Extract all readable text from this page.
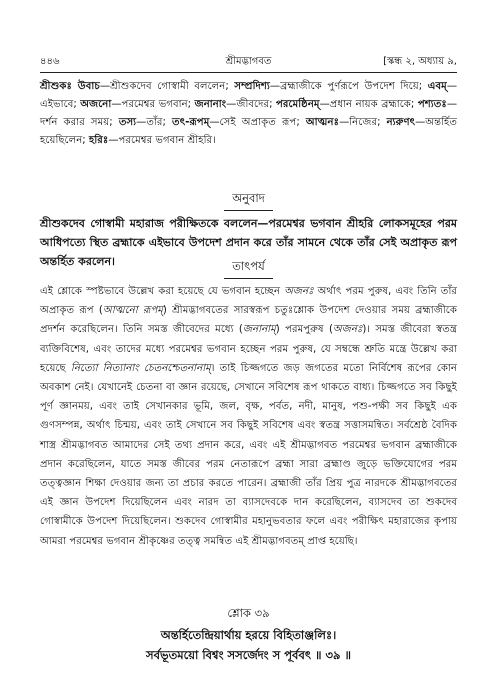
৪৪৬	শ্রীমদ্ভাগবত	[স্কন্ধ ২, অধ্যায় ৯,
শ্রীশুকঃ উবাচ—শ্রীশুকদেব গোস্বামী বললেন; সম্প্রদিশ্য—ব্রহ্মাজীকে পুর্ণরূপে উপদেশ দিয়ে; এবম্—এইভাবে; অজনো—পরমেশ্বর ভগবান; জনানাং—জীবদের; পরমেষ্ঠিনম্—প্রধান নায়ক ব্রহ্মাকে; পশ্যতঃ—দর্শন করার সময়; তস্য—তাঁর; তৎ-রূপম্—সেই অপ্রাকৃত রূপ; আত্মনঃ—নিজের; ন্যরুণৎ—অন্তর্হিত হয়েছিলেন; হরিঃ—পরমেশ্বর ভগবান শ্রীহরি।
অনুবাদ
শ্রীশুকদেব গোস্বামী মহারাজ পরীক্ষিতকে বললেন—পরমেশ্বর ভগবান শ্রীহরি লোকসমূহের পরম আধিপত্যে স্থিত ব্রহ্মাকে এইভাবে উপদেশ প্রদান করে তাঁর সামনে থেকে তাঁর সেই অপ্রাকৃত রূপ অন্তর্হিত করলেন।	তাৎপর্য
এই শ্লোকে স্পষ্টভাবে উল্লেখ করা হয়েছে যে ভগবান হচ্ছেন অজনঃ অর্থাৎ পরম পুরুষ, এবং তিনি তাঁর অপ্রাকৃত রূপ (আত্মনো রূপম্) শ্রীমদ্ভাগবতের সারস্বরূপ চতুঃশ্লোক উপদেশ দেওয়ার সময় ব্রহ্মাজীকে প্রদর্শন করেছিলেন। তিনি সমস্ত জীবেদের মধ্যে (জনানাম্) পরমপুরুষ (অজনঃ)। সমস্ত জীবেরা স্বতন্ত্র ব্যক্তিবিশেষ, এবং তাদের মধ্যে পরমেশ্বর ভগবান হচ্ছেন পরম পুরুষ, যে সম্বন্ধে শ্রুতি মন্ত্রে উল্লেখ করা হয়েছে নিত্যো নিত্যানাং চেতনশ্চেতনানাম্। তাই চিজ্জগতে জড় জগতের মতো নির্বিশেষ রূপের কোন অবকাশ নেই। যেখানেই চেতনা বা জ্ঞান রয়েছে, সেখানে সবিশেষ রূপ থাকতে বাধ্য। চিজ্জগতে সব কিছুই পূর্ণ জ্ঞানময়, এবং তাই সেখানকার ভূমি, জল, বৃক্ষ, পর্বত, নদী, মানুষ, পশু-পক্ষী সব কিছুই এক গুণসম্পন্ন, অর্থাৎ চিন্ময়, এবং তাই সেখানে সব কিছুই সবিশেষ এবং স্বতন্ত্র সত্তাসমন্বিত। সর্বশ্রেষ্ঠ বৈদিক শাস্ত্র শ্রীমদ্ভাগবত আমাদের সেই তথ্য প্রদান করে, এবং এই শ্রীমদ্ভাগবত পরমেশ্বর ভগবান ব্রহ্মাজীকে প্রদান করেছিলেন, যাতে সমস্ত জীবের পরম নেতারূপে ব্রহ্মা সারা ব্রহ্মাণ্ড জুড়ে ভক্তিযোগের পরম তত্ত্বজ্ঞান শিক্ষা দেওয়ার জন্য তা প্রচার করতে পারেন। ব্রহ্মাজী তাঁর প্রিয় পুত্র নারদকে শ্রীমদ্ভাগবতের এই জ্ঞান উপদেশ দিয়েছিলেন এবং নারদ তা ব্যাসদেবকে দান করেছিলেন, ব্যাসদেব তা শুকদেব গোস্বামীকে উপদেশ দিয়েছিলেন। শুকদেব গোস্বামীর মহানুভবতার ফলে এবং পরীক্ষিৎ মহারাজের কৃপায় আমরা পরমেশ্বর ভগবান শ্রীকৃষ্ণের তত্ত্ব সমন্বিত এই শ্রীমদ্ভাগবতম্ প্রাপ্ত হয়েছি।
শ্লোক ৩৯
অন্তর্হিতেন্দ্রিয়ার্থায় হরয়ে বিহিতাঞ্জলিঃ।
সর্বভূতময়ো বিশ্বং সসর্জেদং স পূর্ববৎ ॥ ৩৯ ॥
